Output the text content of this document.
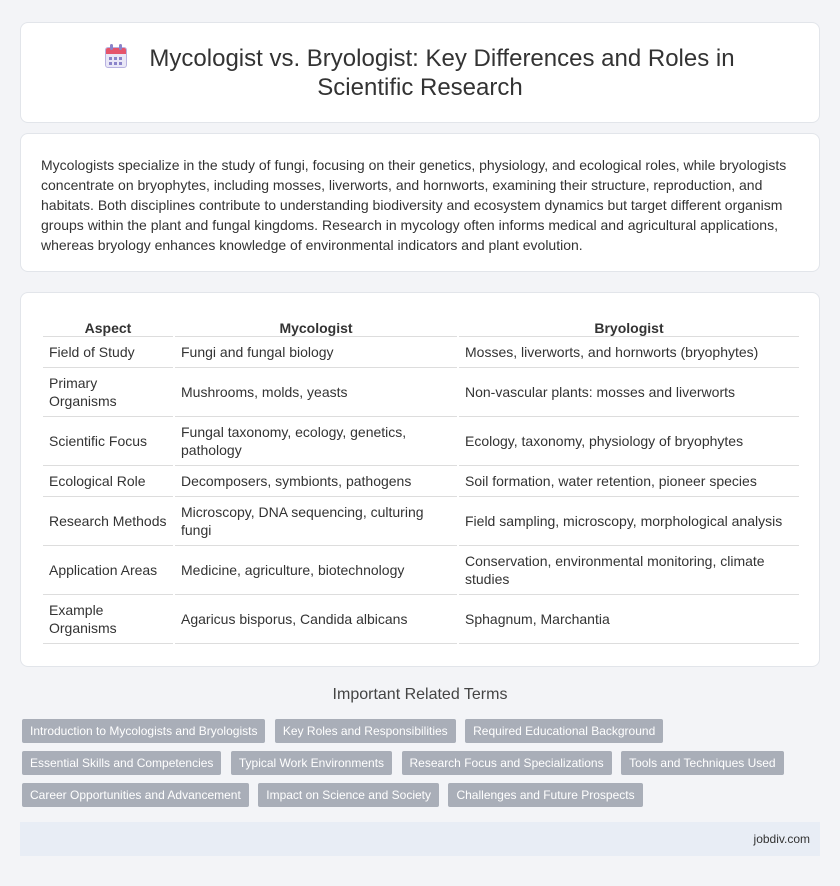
Mycologist vs. Bryologist: Key Differences and Roles in Scientific Research

Mycologists specialize in the study of fungi, focusing on their genetics, physiology, and ecological roles, while bryologists concentrate on bryophytes, including mosses, liverworts, and hornworts, examining their structure, reproduction, and habitats. Both disciplines contribute to understanding biodiversity and ecosystem dynamics but target different organism groups within the plant and fungal kingdoms. Research in mycology often informs medical and agricultural applications, whereas bryology enhances knowledge of environmental indicators and plant evolution.

Aspect	Mycologist	Bryologist
Field of Study	Fungi and fungal biology	Mosses, liverworts, and hornworts (bryophytes)
Primary Organisms	Mushrooms, molds, yeasts	Non-vascular plants: mosses and liverworts
Scientific Focus	Fungal taxonomy, ecology, genetics, pathology	Ecology, taxonomy, physiology of bryophytes
Ecological Role	Decomposers, symbionts, pathogens	Soil formation, water retention, pioneer species
Research Methods	Microscopy, DNA sequencing, culturing fungi	Field sampling, microscopy, morphological analysis
Application Areas	Medicine, agriculture, biotechnology	Conservation, environmental monitoring, climate studies
Example Organisms	Agaricus bisporus, Candida albicans	Sphagnum, Marchantia
Important Related Terms
Introduction to Mycologists and Bryologists Key Roles and Responsibilities Required Educational Background
Essential Skills and Competencies Typical Work Environments Research Focus and Specializations Tools and Techniques Used
Career Opportunities and Advancement Impact on Science and Society Challenges and Future Prospects
jobdiv.com
